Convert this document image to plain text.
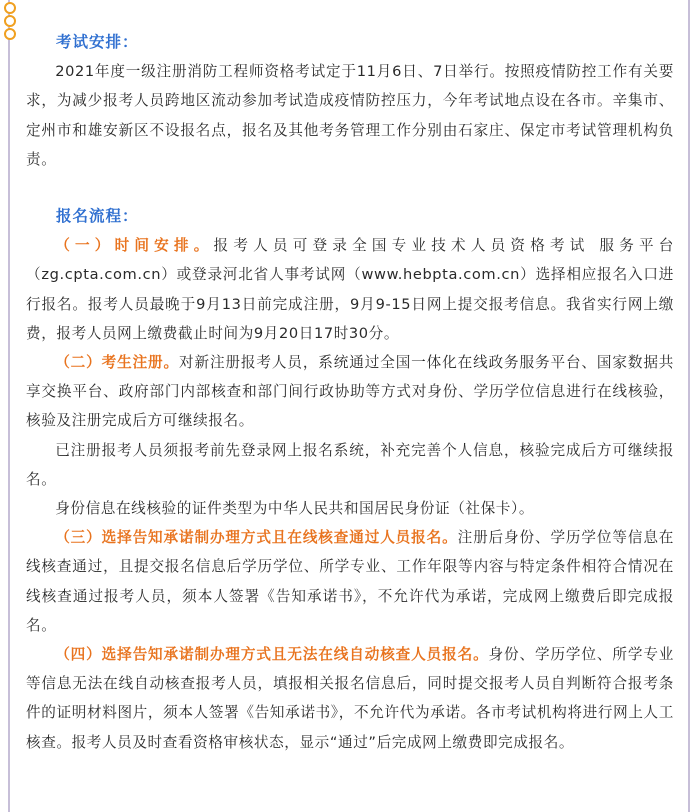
考试安排：

2021年度一级注册消防工程师资格考试定于11月6日、7日举行。按照疫情防控工作有关要求，为减少报考人员跨地区流动参加考试造成疫情防控压力，今年考试地点设在各市。辛集市、定州市和雄安新区不设报名点，报名及其他考务管理工作分别由石家庄、保定市考试管理机构负责。

报名流程：

（一）时间安排。报考人员可登录全国专业技术人员资格考试 服务平台（zg.cpta.com.cn）或登录河北省人事考试网（www.hebpta.com.cn）选择相应报名入口进行报名。报考人员最晚于9月13日前完成注册，9月9-15日网上提交报考信息。我省实行网上缴费，报考人员网上缴费截止时间为9月20日17时30分。

（二）考生注册。对新注册报考人员，系统通过全国一体化在线政务服务平台、国家数据共享交换平台、政府部门内部核查和部门间行政协助等方式对身份、学历学位信息进行在线核验，核验及注册完成后方可继续报名。

已注册报考人员须报考前先登录网上报名系统，补充完善个人信息，核验完成后方可继续报名。

身份信息在线核验的证件类型为中华人民共和国居民身份证（社保卡）。

（三）选择告知承诺制办理方式且在线核查通过人员报名。注册后身份、学历学位等信息在线核查通过，且提交报名信息后学历学位、所学专业、工作年限等内容与特定条件相符合情况在线核查通过报考人员，须本人签署《告知承诺书》，不允许代为承诺，完成网上缴费后即完成报名。

（四）选择告知承诺制办理方式且无法在线自动核查人员报名。身份、学历学位、所学专业等信息无法在线自动核查报考人员，填报相关报名信息后，同时提交报考人员自判断符合报考条件的证明材料图片，须本人签署《告知承诺书》，不允许代为承诺。各市考试机构将进行网上人工核查。报考人员及时查看资格审核状态，显示“通过”后完成网上缴费即完成报名。
